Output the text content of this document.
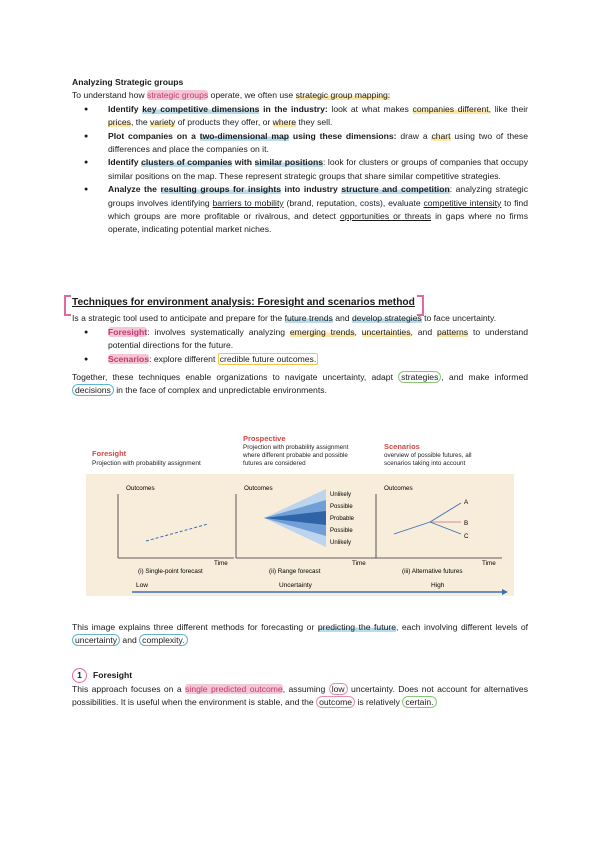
Analyzing Strategic groups
To understand how strategic groups operate, we often use strategic group mapping:
● Identify key competitive dimensions in the industry: look at what makes companies different, like their prices, the variety of products they offer, or where they sell.
● Plot companies on a two-dimensional map using these dimensions: draw a chart using two of these differences and place the companies on it.
● Identify clusters of companies with similar positions: look for clusters or groups of companies that occupy similar positions on the map. These represent strategic groups that share similar competitive strategies.
● Analyze the resulting groups for insights into industry structure and competition: analyzing strategic groups involves identifying barriers to mobility (brand, reputation, costs), evaluate competitive intensity to find which groups are more profitable or rivalrous, and detect opportunities or threats in gaps where no firms operate, indicating potential market niches.
Techniques for environment analysis: Foresight and scenarios method
Is a strategic tool used to anticipate and prepare for the future trends and develop strategies to face uncertainty.
● Foresight: involves systematically analyzing emerging trends, uncertainties, and patterns to understand potential directions for the future.
● Scenarios: explore different credible future outcomes.
Together, these techniques enable organizations to navigate uncertainty, adapt strategies , and make informed decisions in the face of complex and unpredictable environments.
Foresight
Projection with probability assignment
Prospective
Projection with probability assignment
where different probable and possible
futures are considered
Scenarios
overview of possible futures, all
scenarios taking into account
Outcomes
Time
(i) Single-point forecast
Outcomes
Unlikely
Possible
Probable
Possible
Unlikely
Time
(ii) Range forecast
Outcomes
A
B
C
Time
(iii) Alternative futures
Low	Uncertainty	High
This image explains three different methods for forecasting or predicting the future, each involving different levels of uncertainty and complexity.
1 Foresight
This approach focuses on a single predicted outcome, assuming low uncertainty. Does not account for alternatives possibilities. It is useful when the environment is stable, and the outcome is relatively certain.
